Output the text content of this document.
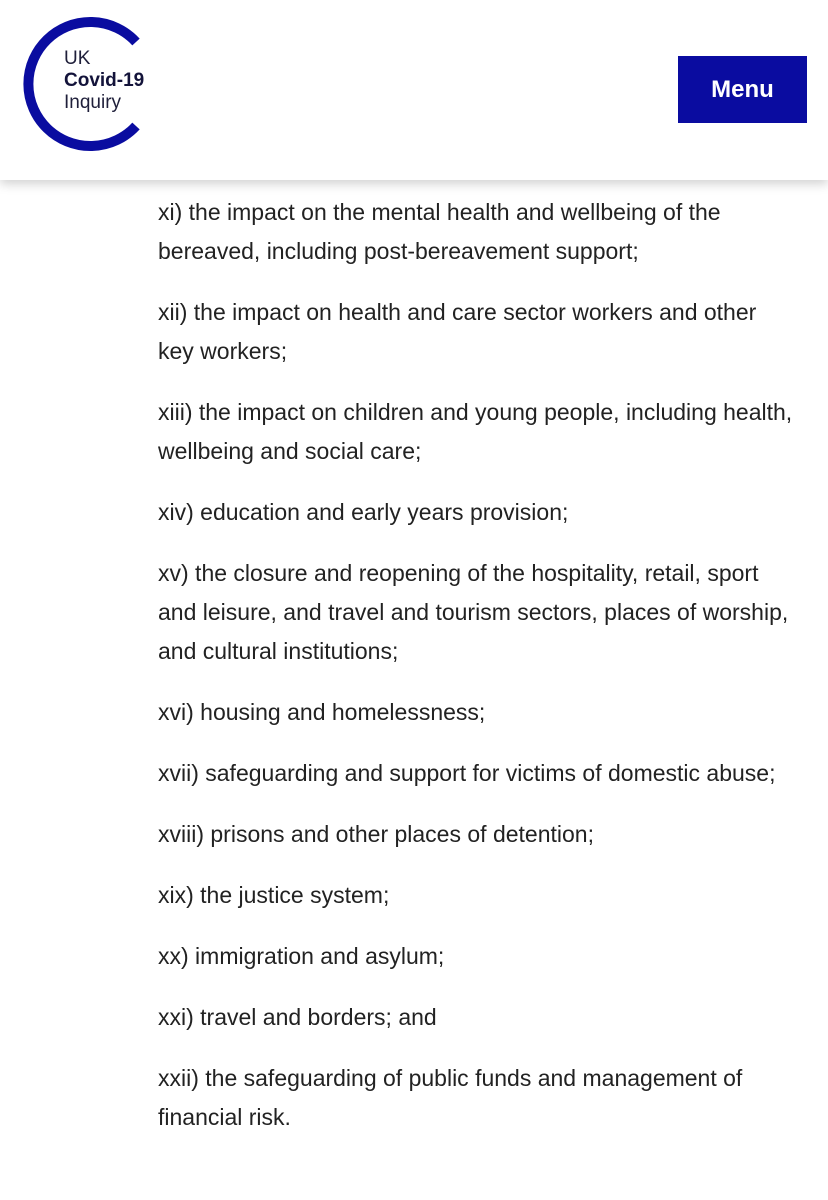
UK
Covid-19
Inquiry	Menu

xi) the impact on the mental health and wellbeing of the bereaved, including post-bereavement support;

xii) the impact on health and care sector workers and other key workers;

xiii) the impact on children and young people, including health, wellbeing and social care;

xiv) education and early years provision;

xv) the closure and reopening of the hospitality, retail, sport and leisure, and travel and tourism sectors, places of worship, and cultural institutions;

xvi) housing and homelessness;

xvii) safeguarding and support for victims of domestic abuse;

xviii) prisons and other places of detention;

xix) the justice system;

xx) immigration and asylum;

xxi) travel and borders; and

xxii) the safeguarding of public funds and management of financial risk.
